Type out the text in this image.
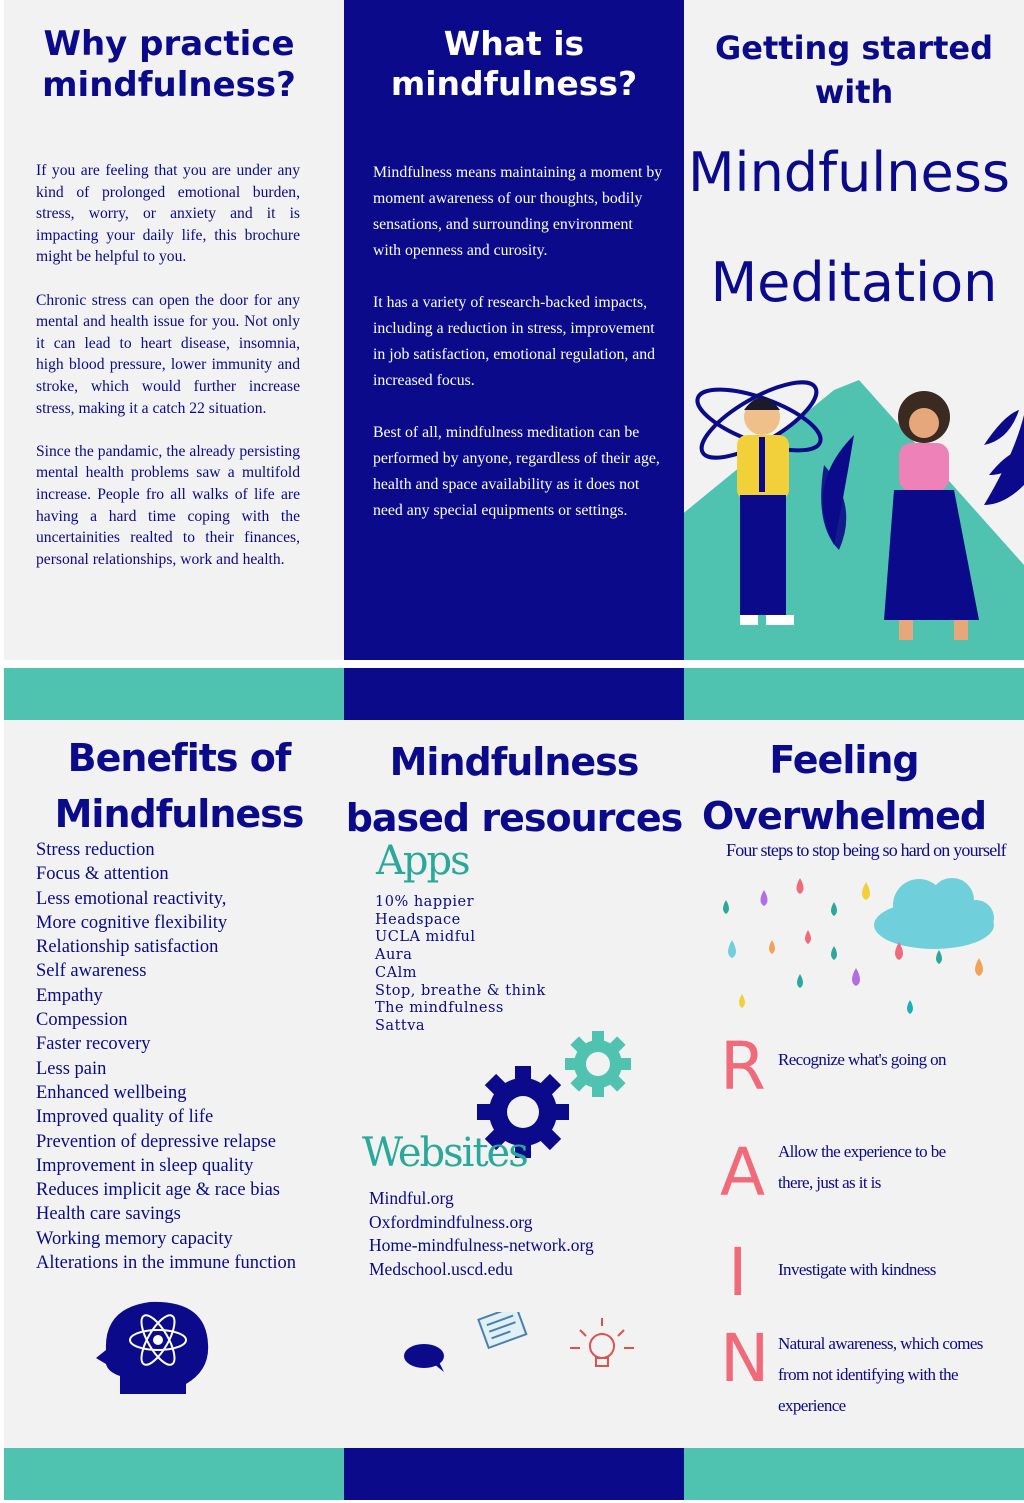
Why practice mindfulness?

If you are feeling that you are under any kind of prolonged emotional burden, stress, worry, or anxiety and it is impacting your daily life, this brochure might be helpful to you.

Chronic stress can open the door for any mental and health issue for you. Not only it can lead to heart disease, insomnia, high blood pressure, lower immunity and stroke, which would further increase stress, making it a catch 22 situation.

Since the pandamic, the already persisting mental health problems saw a multifold increase. People fro all walks of life are having a hard time coping with the uncertainities realted to their finances, personal relationships, work and health.

What is mindfulness?

Mindfulness means maintaining a moment by moment awareness of our thoughts, bodily sensations, and surrounding environment with openness and curosity.

It has a variety of research-backed impacts, including a reduction in stress, improvement in job satisfaction, emotional regulation, and increased focus.

Best of all, mindfulness meditation can be performed by anyone, regardless of their age, health and space availability as it does not need any special equipments or settings.

Getting started with
Mindfulness
Meditation
Benefits of Mindfulness
Stress reduction
Focus & attention
Less emotional reactivity,
More cognitive flexibility
Relationship satisfaction
Self awareness
Empathy
Compession
Faster recovery
Less pain
Enhanced wellbeing
Improved quality of life
Prevention of depressive relapse
Improvement in sleep quality
Reduces implicit age & race bias
Health care savings
Working memory capacity
Alterations in the immune function
Mindfulness based resources
Apps
10% happier
Headspace
UCLA midful
Aura
CAlm
Stop, breathe & think
The mindfulness
Sattva
Websites
Mindful.org
Oxfordmindfulness.org
Home-mindfulness-network.org
Medschool.uscd.edu
Feeling Overwhelmed
Four steps to stop being so hard on yourself
R Recognize what's going on
A Allow the experience to be there, just as it is
I Investigate with kindness
N Natural awareness, which comes from not identifying with the experience
